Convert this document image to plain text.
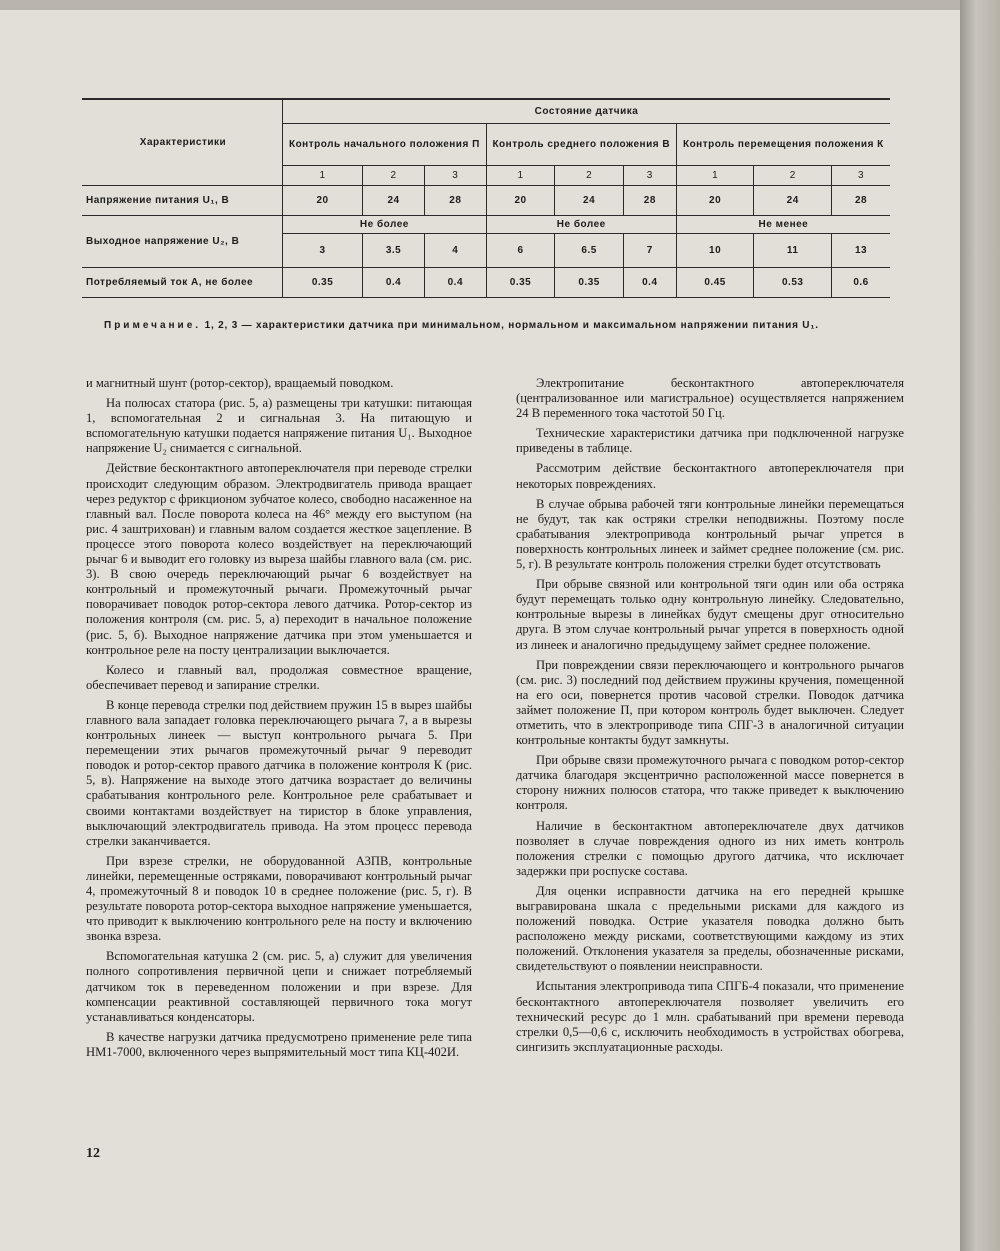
Характеристики	Состояние датчика								
	Контроль начального положения П			Контроль среднего положения В			Контроль перемещения положения К		
	1	2	3	1	2	3	1	2	3
Напряжение питания U₁, В	20	24	28	20	24	28	20	24	28
Выходное напряжение U₂, В	Не более			Не более			Не менее		
	3	3.5	4	6	6.5	7	10	11	13
Потребляемый ток A, не более	0.35	0.4	0.4	0.35	0.35	0.4	0.45	0.53	0.6
Примечание. 1, 2, 3 — характеристики датчика при минимальном, нормальном и максимальном напряжении питания U₁.

и магнитный шунт (ротор-сектор), вращаемый поводком.

На полюсах статора (рис. 5, а) размещены три катушки: питающая 1, вспомогательная 2 и сигнальная 3. На питающую и вспомогательную катушки подается напряжение питания U₁. Выходное напряжение U₂ снимается с сигнальной.

Действие бесконтактного автопереключателя при переводе стрелки происходит следующим образом. Электродвигатель привода вращает через редуктор с фрикционом зубчатое колесо, свободно насаженное на главный вал. После поворота колеса на 46° между его выступом (на рис. 4 заштрихован) и главным валом создается жесткое зацепление. В процессе этого поворота колесо воздействует на переключающий рычаг 6 и выводит его головку из выреза шайбы главного вала (см. рис. 3). В свою очередь переключающий рычаг 6 воздействует на контрольный и промежуточный рычаги. Промежуточный рычаг поворачивает поводок ротор-сектора левого датчика. Ротор-сектор из положения контроля (см. рис. 5, а) переходит в начальное положение (рис. 5, б). Выходное напряжение датчика при этом уменьшается и контрольное реле на посту централизации выключается.

Колесо и главный вал, продолжая совместное вращение, обеспечивает перевод и запирание стрелки.

В конце перевода стрелки под действием пружин 15 в вырез шайбы главного вала западает головка переключающего рычага 7, а в вырезы контрольных линеек — выступ контрольного рычага 5. При перемещении этих рычагов промежуточный рычаг 9 переводит поводок и ротор-сектор правого датчика в положение контроля К (рис. 5, в). Напряжение на выходе этого датчика возрастает до величины срабатывания контрольного реле. Контрольное реле срабатывает и своими контактами воздействует на тиристор в блоке управления, выключающий электродвигатель привода. На этом процесс перевода стрелки заканчивается.

При взрезе стрелки, не оборудованной АЗПВ, контрольные линейки, перемещенные остряками, поворачивают контрольный рычаг 4, промежуточный 8 и поводок 10 в среднее положение (рис. 5, г). В результате поворота ротор-сектора выходное напряжение уменьшается, что приводит к выключению контрольного реле на посту и включению звонка взреза.

Вспомогательная катушка 2 (см. рис. 5, а) служит для увеличения полного сопротивления первичной цепи и снижает потребляемый датчиком ток в переведенном положении и при взрезе. Для компенсации реактивной составляющей первичного тока могут устанавливаться конденсаторы.

В качестве нагрузки датчика предусмотрено применение реле типа НМ1-7000, включенного через выпрямительный мост типа КЦ-402И.

Электропитание бесконтактного автопереключателя (централизованное или магистральное) осуществляется напряжением 24 В переменного тока частотой 50 Гц.

Технические характеристики датчика при подключенной нагрузке приведены в таблице.

Рассмотрим действие бесконтактного автопереключателя при некоторых повреждениях.

В случае обрыва рабочей тяги контрольные линейки перемещаться не будут, так как остряки стрелки неподвижны. Поэтому после срабатывания электропривода контрольный рычаг упрется в поверхность контрольных линеек и займет среднее положение (см. рис. 5, г). В результате контроль положения стрелки будет отсутствовать

При обрыве связной или контрольной тяги один или оба остряка будут перемещать только одну контрольную линейку. Следовательно, контрольные вырезы в линейках будут смещены друг относительно друга. В этом случае контрольный рычаг упрется в поверхность одной из линеек и аналогично предыдущему займет среднее положение.

При повреждении связи переключающего и контрольного рычагов (см. рис. 3) последний под действием пружины кручения, помещенной на его оси, повернется против часовой стрелки. Поводок датчика займет положение П, при котором контроль будет выключен. Следует отметить, что в электроприводе типа СПГ-3 в аналогичной ситуации контрольные контакты будут замкнуты.

При обрыве связи промежуточного рычага с поводком ротор-сектор датчика благодаря эксцентрично расположенной массе повернется в сторону нижних полюсов статора, что также приведет к выключению контроля.

Наличие в бесконтактном автопереключателе двух датчиков позволяет в случае повреждения одного из них иметь контроль положения стрелки с помощью другого датчика, что исключает задержки при роспуске состава.

Для оценки исправности датчика на его передней крышке выгравирована шкала с предельными рисками для каждого из положений поводка. Острие указателя поводка должно быть расположено между рисками, соответствующими каждому из этих положений. Отклонения указателя за пределы, обозначенные рисками, свидетельствуют о появлении неисправности.

Испытания электропривода типа СПГБ-4 показали, что применение бесконтактного автопереключателя позволяет увеличить его технический ресурс до 1 млн. срабатываний при времени перевода стрелки 0,5—0,6 с, исключить необходимость в устройствах обогрева, сингизить эксплуатационные расходы.

12
